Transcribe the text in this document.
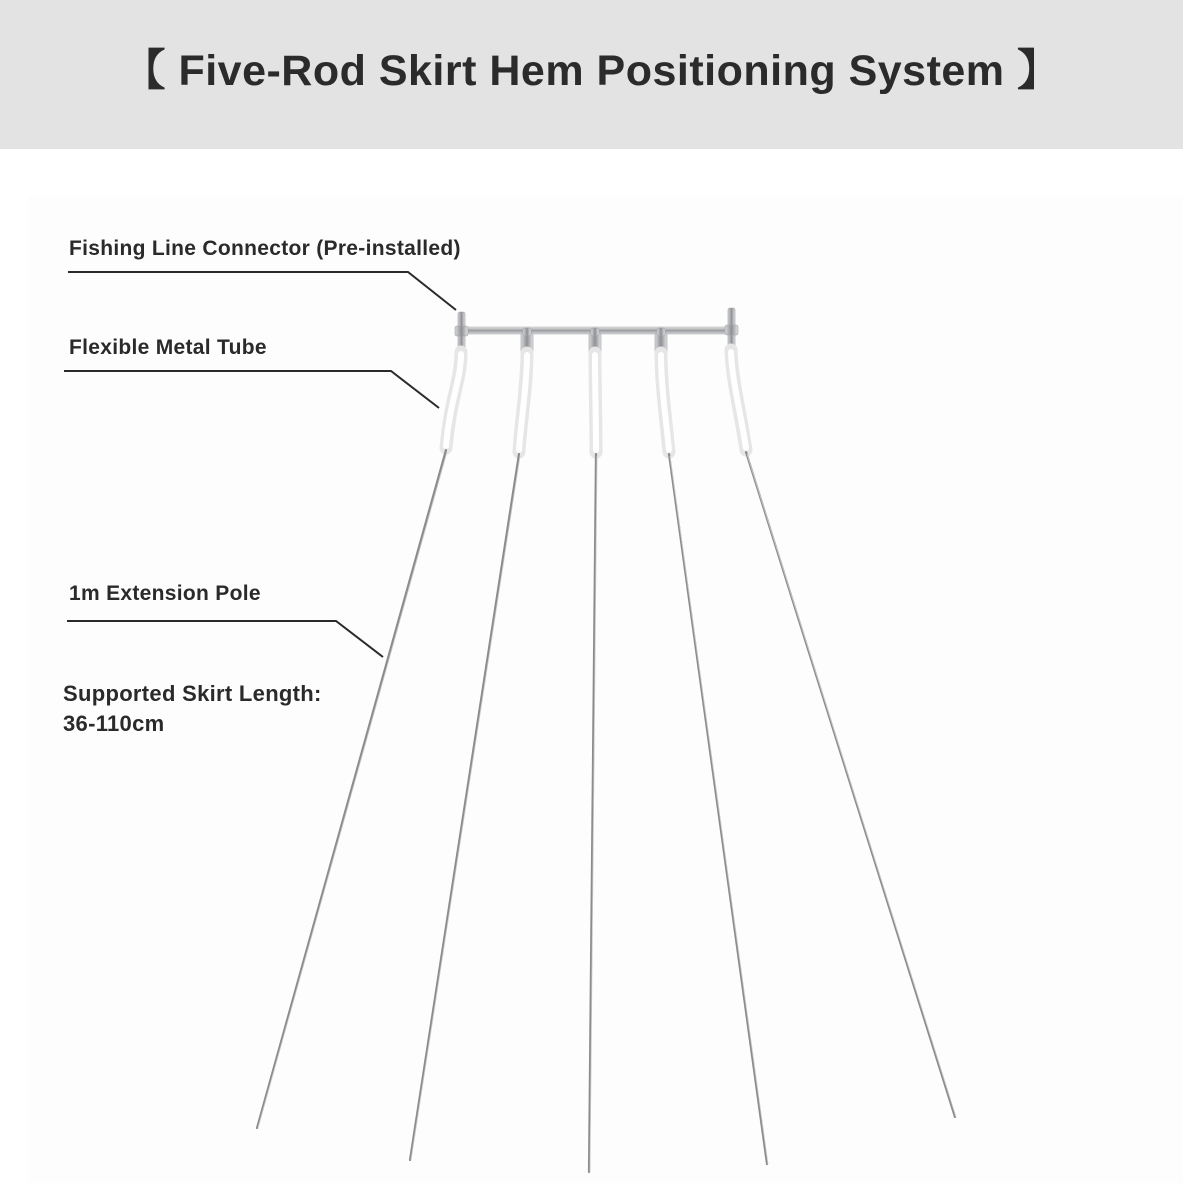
【 Five-Rod Skirt Hem Positioning System 】
Fishing Line Connector (Pre-installed)
Flexible Metal Tube
1m Extension Pole
Supported Skirt Length:
36-110cm
